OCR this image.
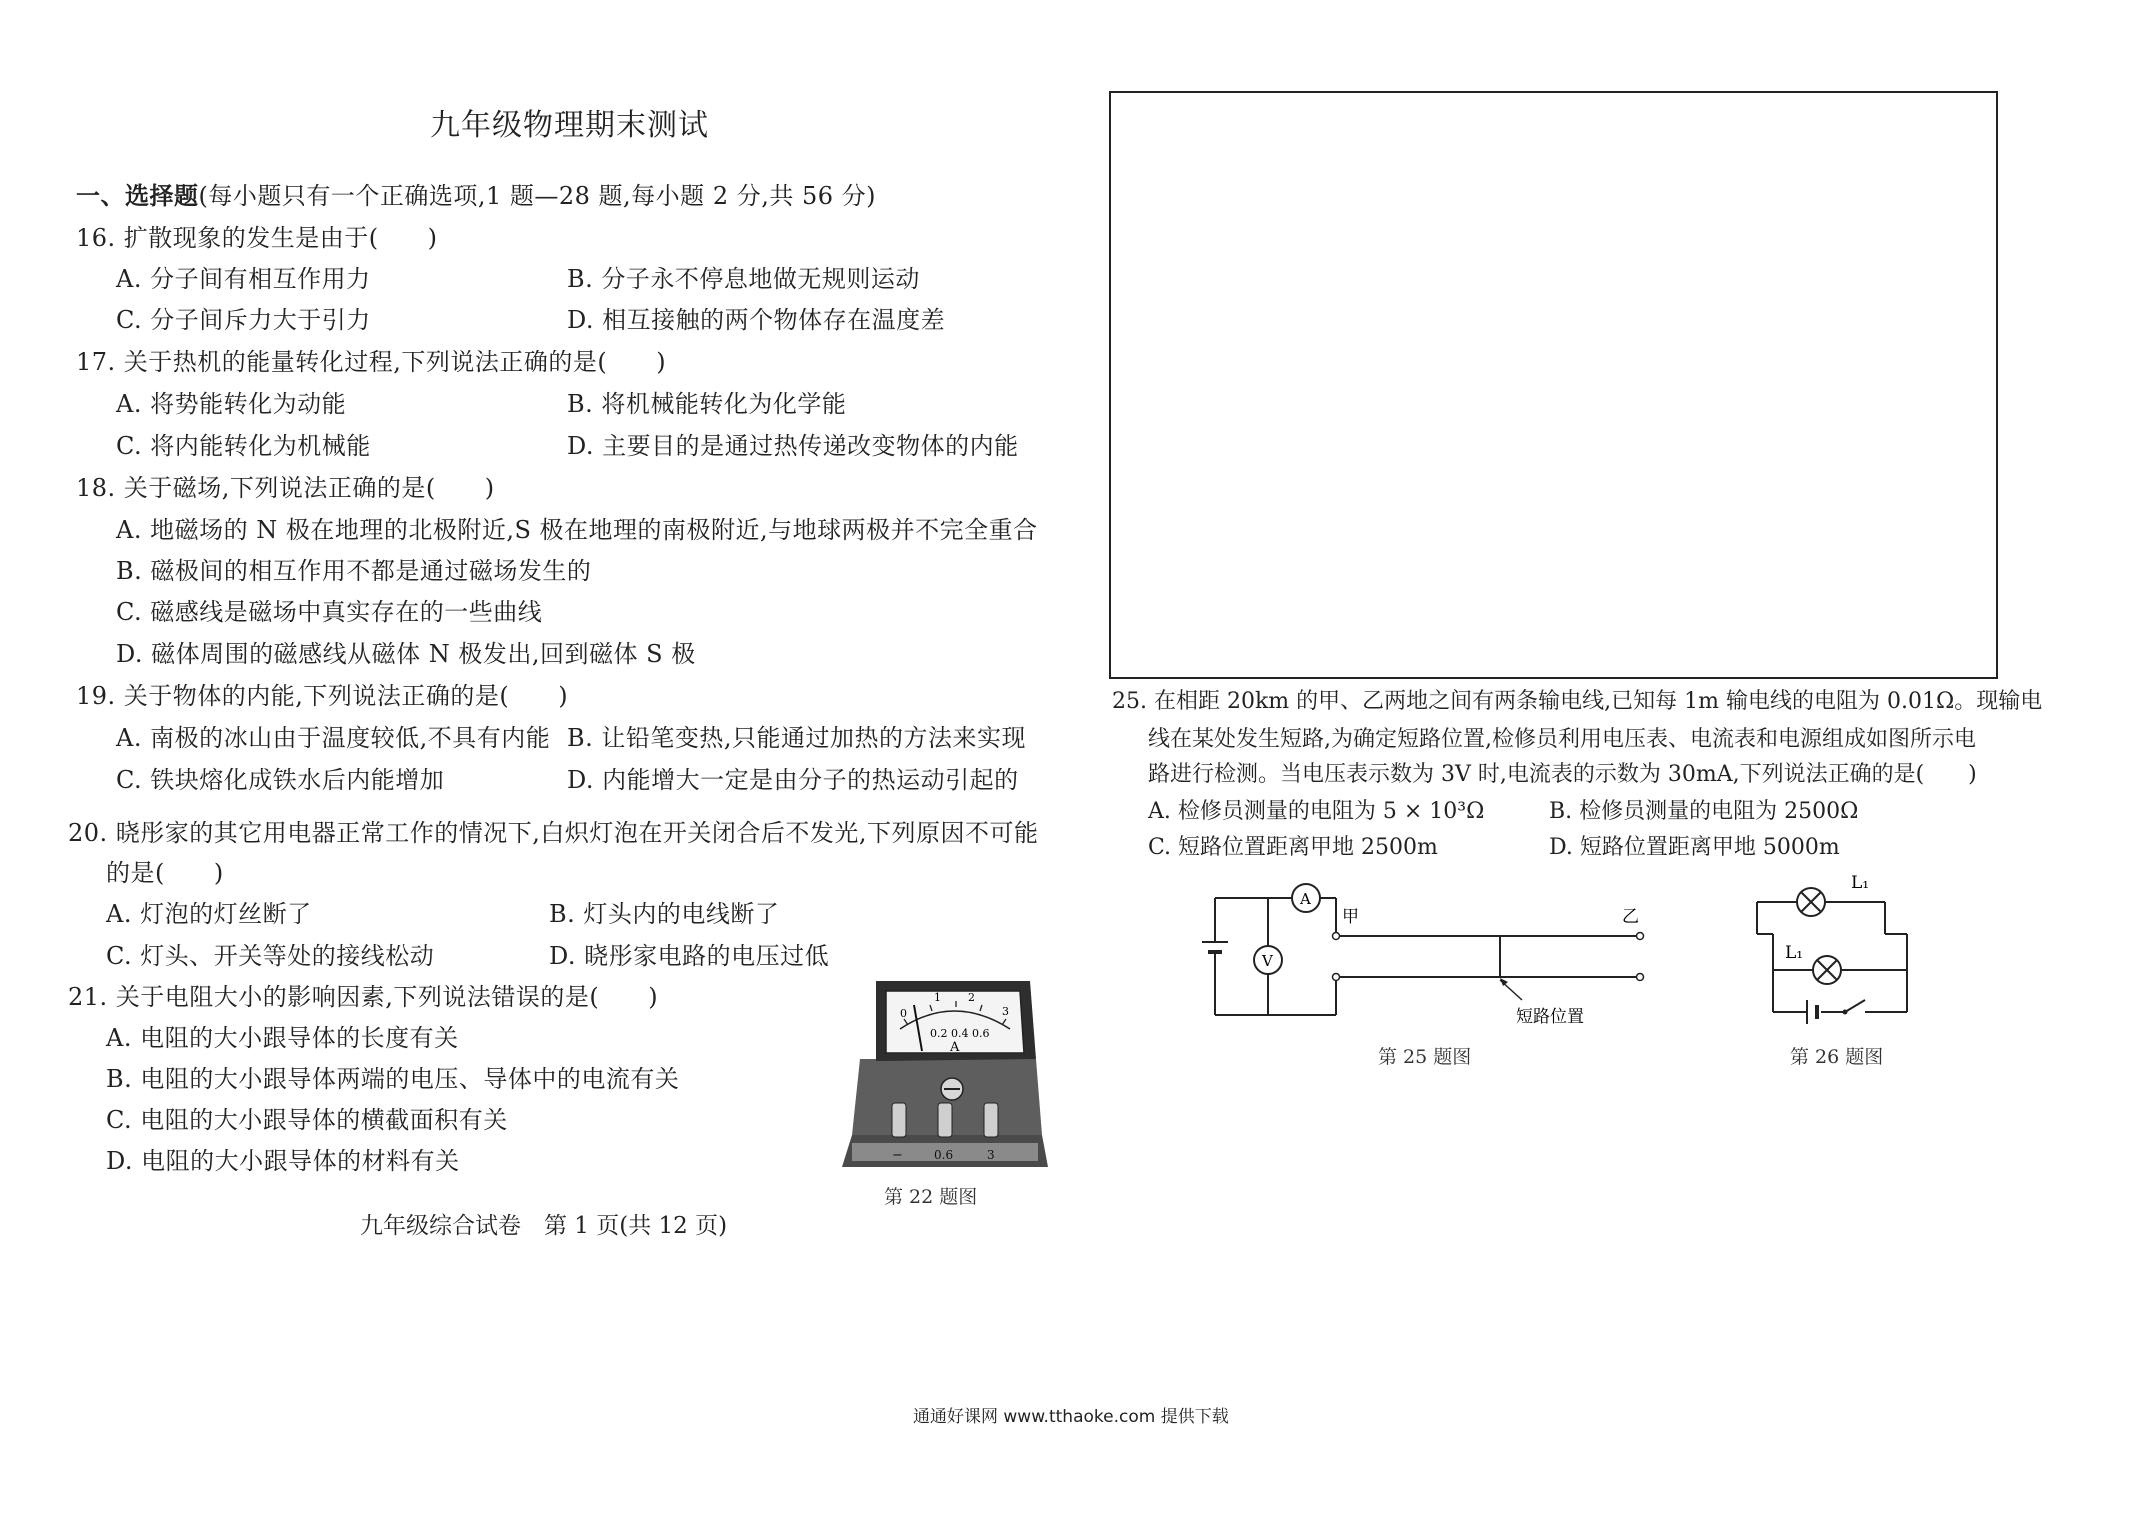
九年级物理期末测试
一、选择题(每小题只有一个正确选项,1 题—28 题,每小题 2 分,共 56 分)
16. 扩散现象的发生是由于(　　)
A. 分子间有相互作用力	B. 分子永不停息地做无规则运动
C. 分子间斥力大于引力	D. 相互接触的两个物体存在温度差
17. 关于热机的能量转化过程,下列说法正确的是(　　)
A. 将势能转化为动能	B. 将机械能转化为化学能
C. 将内能转化为机械能	D. 主要目的是通过热传递改变物体的内能
18. 关于磁场,下列说法正确的是(　　)
A. 地磁场的 N 极在地理的北极附近,S 极在地理的南极附近,与地球两极并不完全重合
B. 磁极间的相互作用不都是通过磁场发生的
C. 磁感线是磁场中真实存在的一些曲线
D. 磁体周围的磁感线从磁体 N 极发出,回到磁体 S 极
19. 关于物体的内能,下列说法正确的是(　　)
A. 南极的冰山由于温度较低,不具有内能 B. 让铅笔变热,只能通过加热的方法来实现
C. 铁块熔化成铁水后内能增加	D. 内能增大一定是由分子的热运动引起的
20. 晓彤家的其它用电器正常工作的情况下,白炽灯泡在开关闭合后不发光,下列原因不可能
的是(　　)
A. 灯泡的灯丝断了	B. 灯头内的电线断了
C. 灯头、开关等处的接线松动	D. 晓彤家电路的电压过低
21. 关于电阻大小的影响因素,下列说法错误的是(　　)
A. 电阻的大小跟导体的长度有关
B. 电阻的大小跟导体两端的电压、导体中的电流有关
C. 电阻的大小跟导体的横截面积有关
D. 电阻的大小跟导体的材料有关
0
1 2
3
0.2 0.4 0.6
A
−	0.6	3
第 22 题图
九年级综合试卷　第 1 页(共 12 页)
25. 在相距 20km 的甲、乙两地之间有两条输电线,已知每 1m 输电线的电阻为 0.01Ω。现输电
线在某处发生短路,为确定短路位置,检修员利用电压表、电流表和电源组成如图所示电
路进行检测。当电压表示数为 3V 时,电流表的示数为 30mA,下列说法正确的是(　　)
A. 检修员测量的电阻为 5 × 10³Ω	B. 检修员测量的电阻为 2500Ω
C. 短路位置距离甲地 2500m	D. 短路位置距离甲地 5000m
A
V
甲	乙
短路位置
第 25 题图
L₁
L₁
第 26 题图
通通好课网 www.tthaoke.com 提供下载
